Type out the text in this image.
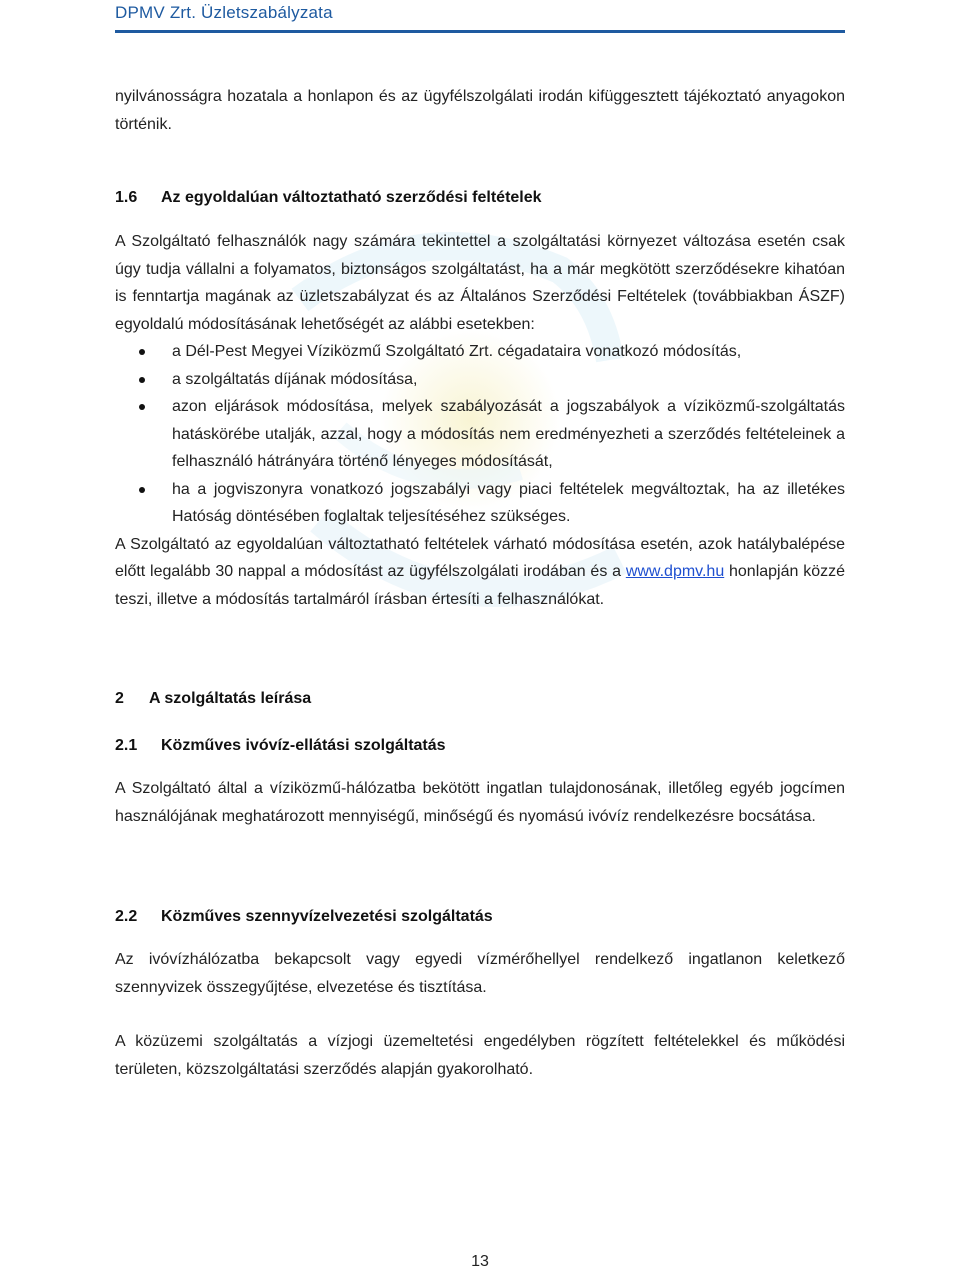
DPMV Zrt. Üzletszabályzata

nyilvánosságra hozatala a honlapon és az ügyfélszolgálati irodán kifüggesztett tájékoztató anyagokon történik.

1.6 Az egyoldalúan változtatható szerződési feltételek

A Szolgáltató felhasználók nagy számára tekintettel a szolgáltatási környezet változása esetén csak úgy tudja vállalni a folyamatos, biztonságos szolgáltatást, ha a már megkötött szerződésekre kihatóan is fenntartja magának az üzletszabályzat és az Általános Szerződési Feltételek (továbbiakban ÁSZF) egyoldalú módosításának lehetőségét az alábbi esetekben:

a Dél-Pest Megyei Víziközmű Szolgáltató Zrt. cégadataira vonatkozó módosítás,
a szolgáltatás díjának módosítása,
azon eljárások módosítása, melyek szabályozását a jogszabályok a víziközmű-szolgáltatás hatáskörébe utalják, azzal, hogy a módosítás nem eredményezheti a szerződés feltételeinek a felhasználó hátrányára történő lényeges módosítását,
ha a jogviszonyra vonatkozó jogszabályi vagy piaci feltételek megváltoztak, ha az illetékes Hatóság döntésében foglaltak teljesítéséhez szükséges.

A Szolgáltató az egyoldalúan változtatható feltételek várható módosítása esetén, azok hatálybalépése előtt legalább 30 nappal a módosítást az ügyfélszolgálati irodában és a www.dpmv.hu honlapján közzé teszi, illetve a módosítás tartalmáról írásban értesíti a felhasználókat.

2 A szolgáltatás leírása

2.1 Közműves ivóvíz-ellátási szolgáltatás

A Szolgáltató által a víziközmű-hálózatba bekötött ingatlan tulajdonosának, illetőleg egyéb jogcímen használójának meghatározott mennyiségű, minőségű és nyomású ivóvíz rendelkezésre bocsátása.

2.2 Közműves szennyvízelvezetési szolgáltatás

Az ivóvízhálózatba bekapcsolt vagy egyedi vízmérőhellyel rendelkező ingatlanon keletkező szennyvizek összegyűjtése, elvezetése és tisztítása.

A közüzemi szolgáltatás a vízjogi üzemeltetési engedélyben rögzített feltételekkel és működési területen, közszolgáltatási szerződés alapján gyakorolható.

13
